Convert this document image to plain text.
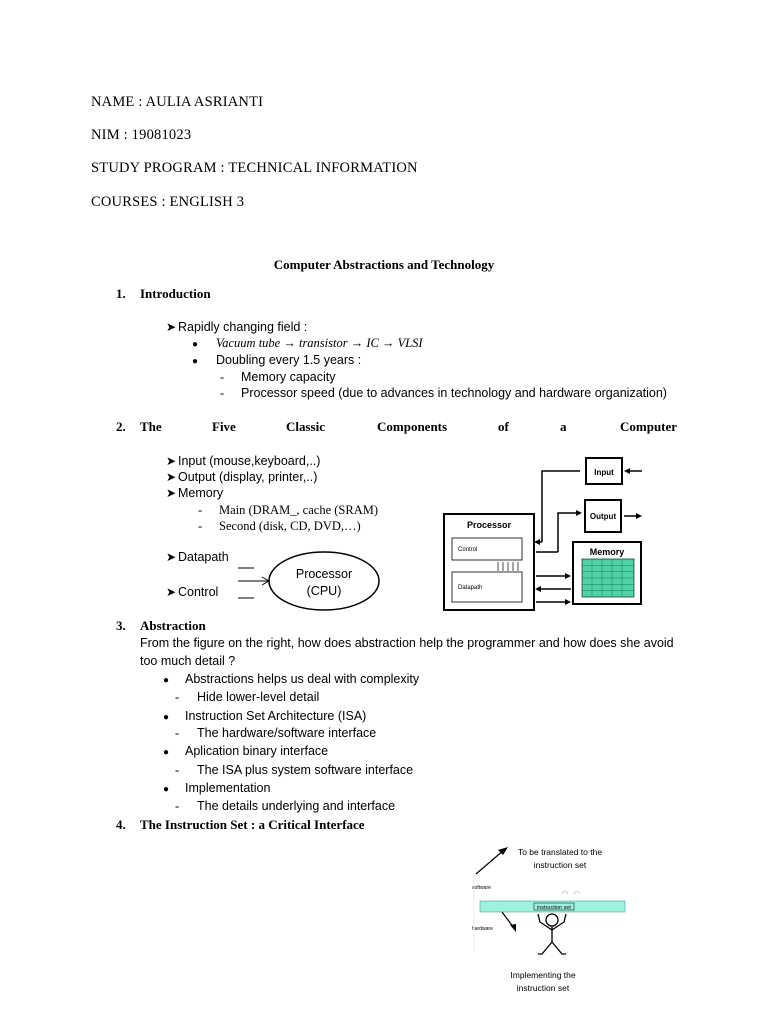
NAME : AULIA ASRIANTI
NIM : 19081023
STUDY PROGRAM : TECHNICAL INFORMATION
COURSES : ENGLISH 3
Computer Abstractions and Technology
1. Introduction
➤ Rapidly changing field :
● Vacuum tube → transistor → IC → VLSI
● Doubling every 1.5 years :
- Memory capacity
- Processor speed (due to advances in technology and hardware organization)
2. The	Five	Classic	Components	of	a	Computer
➤ Input (mouse,keyboard,..)
➤ Output (display, printer,..)
➤ Memory
- Main (DRAM_, cache (SRAM)
- Second (disk, CD, DVD,…)
➤ Datapath
➤ Control
Processor
(CPU)
Input
Output
Processor
Control
Datapath
Memory
3. Abstraction
From the figure on the right, how does abstraction help the programmer and how does she avoid
too much detail ?
● Abstractions helps us deal with complexity
- Hide lower-level detail
● Instruction Set Architecture (ISA)
- The hardware/software interface
● Aplication binary interface
- The ISA plus system software interface
● Implementation
- The details underlying and interface
4. The Instruction Set : a Critical Interface
To be translated to the
instruction set
software
hardware
instruction set
Implementing the
instruction set
